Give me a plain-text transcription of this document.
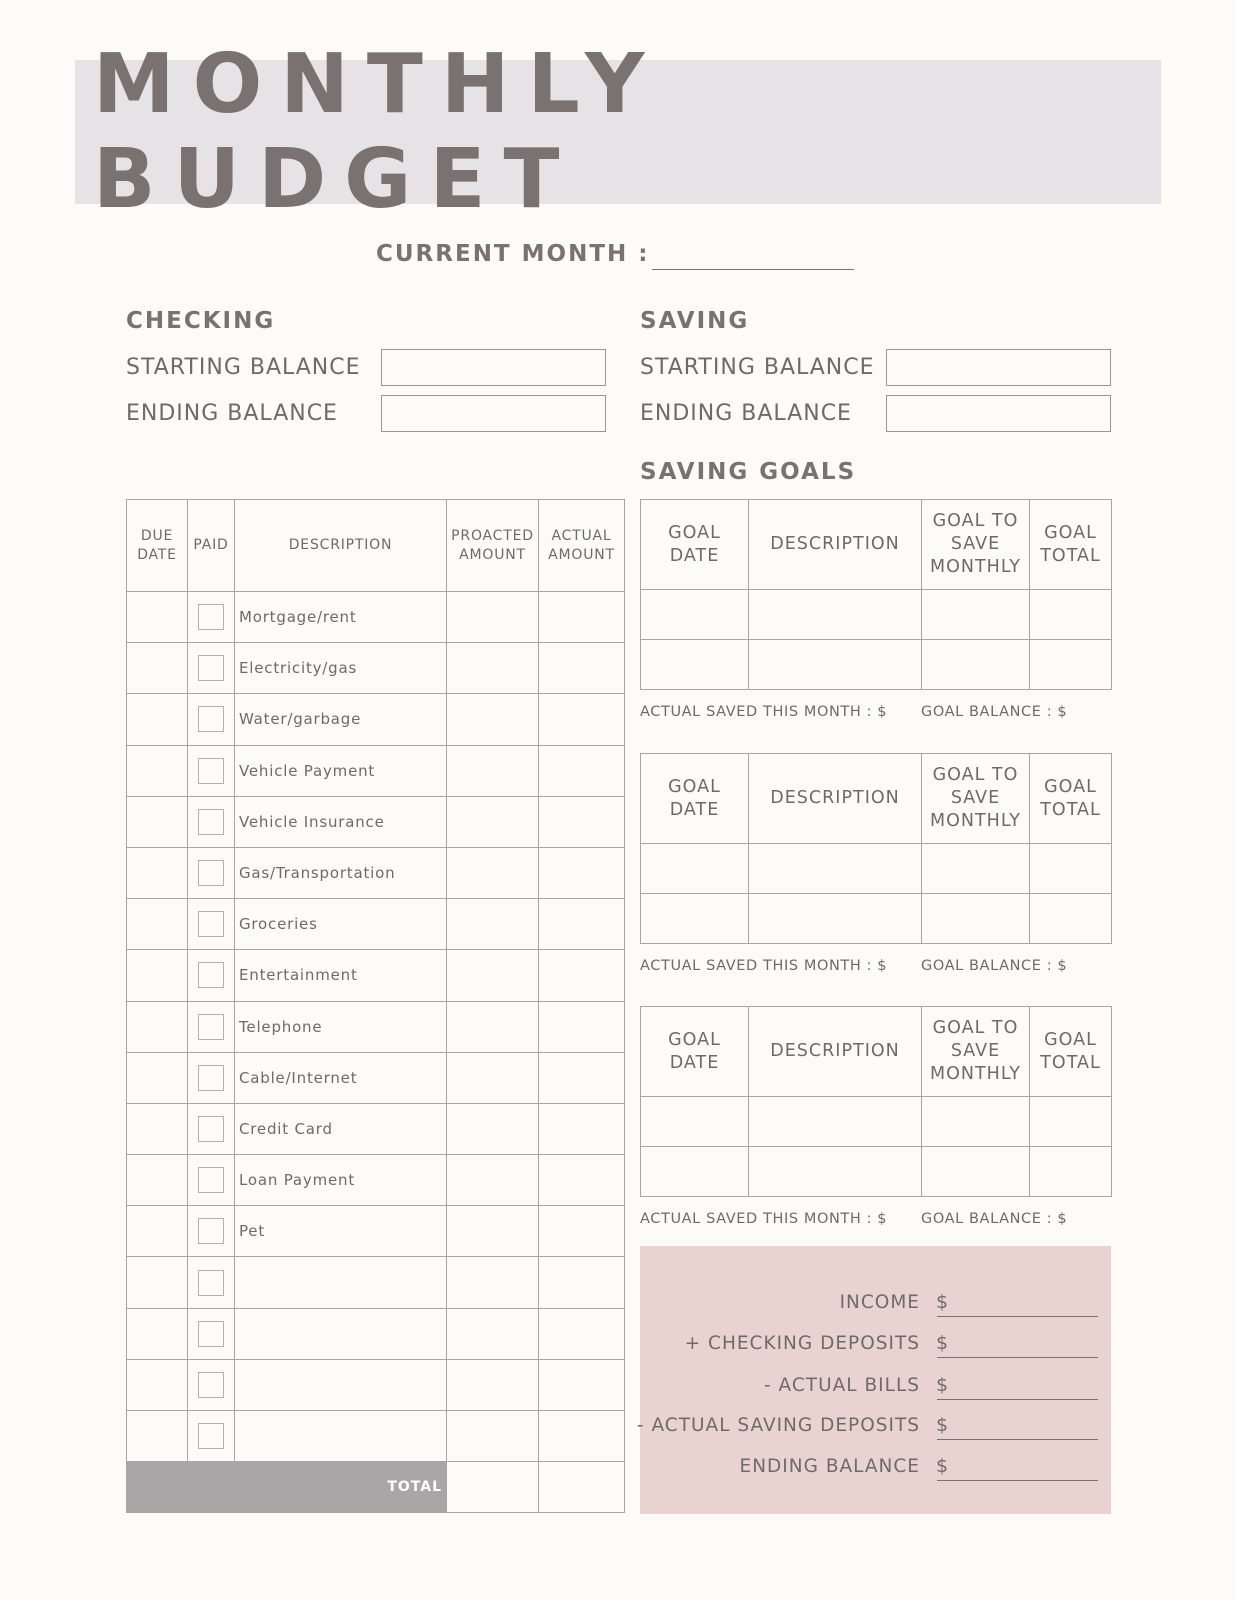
MONTHLY BUDGET
CURRENT MONTH :
CHECKING
STARTING BALANCE
ENDING BALANCE
SAVING
STARTING BALANCE
ENDING BALANCE
SAVING GOALS
DUE DATE	PAID	DESCRIPTION	PROACTED AMOUNT	ACTUAL AMOUNT
		Mortgage/rent		
		Electricity/gas		
		Water/garbage		
		Vehicle Payment		
		Vehicle Insurance		
		Gas/Transportation		
		Groceries		
		Entertainment		
		Telephone		
		Cable/Internet		
		Credit Card		
		Loan Payment		
		Pet		

TOTAL				
GOAL DATE	DESCRIPTION	GOAL TO SAVE MONTHLY	GOAL TOTAL

ACTUAL SAVED THIS MONTH : $ GOAL BALANCE : $
GOAL DATE	DESCRIPTION	GOAL TO SAVE MONTHLY	GOAL TOTAL

ACTUAL SAVED THIS MONTH : $ GOAL BALANCE : $
GOAL DATE	DESCRIPTION	GOAL TO SAVE MONTHLY	GOAL TOTAL

ACTUAL SAVED THIS MONTH : $ GOAL BALANCE : $
INCOME $
+ CHECKING DEPOSITS $
- ACTUAL BILLS $
- ACTUAL SAVING DEPOSITS $
ENDING BALANCE $
